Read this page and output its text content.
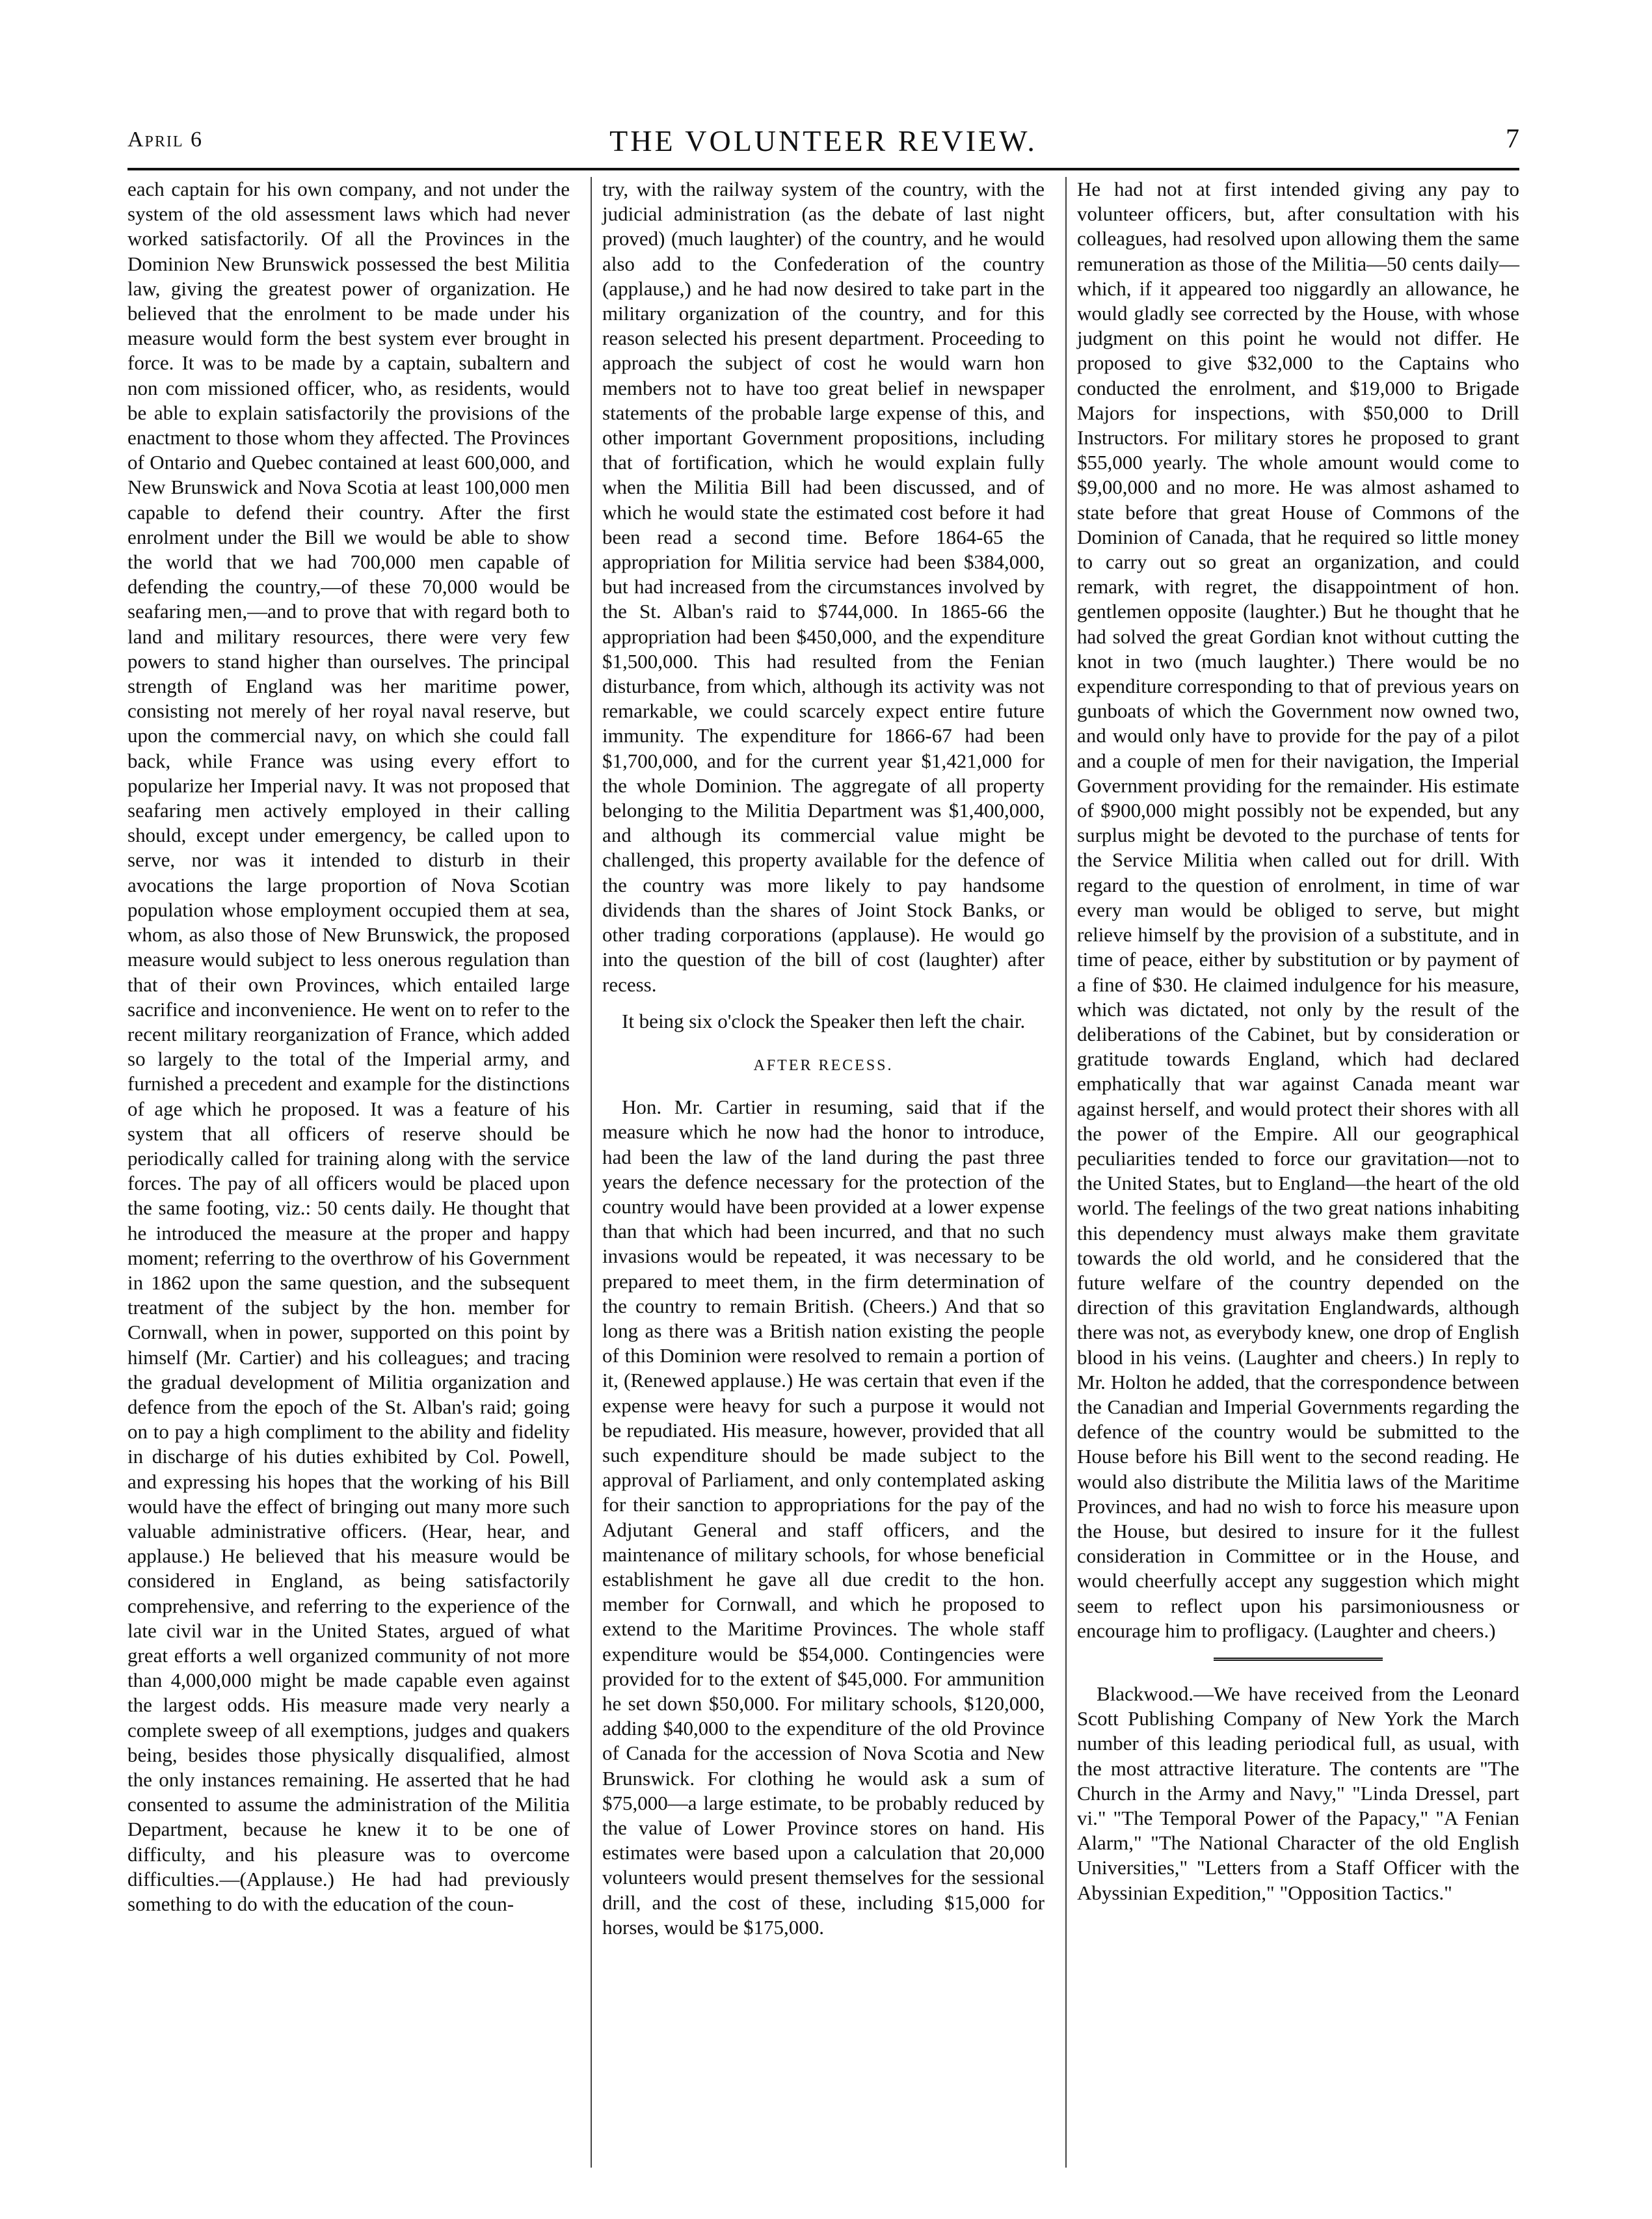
April 6	THE VOLUNTEER REVIEW.	7

each captain for his own company, and not under the system of the old assessment laws which had never worked satisfactorily. Of all the Provinces in the Dominion New Brunswick possessed the best Militia law, giving the greatest power of organization. He believed that the enrolment to be made under his measure would form the best system ever brought in force. It was to be made by a captain, subaltern and non com missioned officer, who, as residents, would be able to explain satisfactorily the provisions of the enactment to those whom they affected. The Provinces of Ontario and Quebec contained at least 600,000, and New Brunswick and Nova Scotia at least 100,000 men capable to defend their country. After the first enrolment under the Bill we would be able to show the world that we had 700,000 men capable of defending the country,—of these 70,000 would be seafaring men,—and to prove that with regard both to land and military resources, there were very few powers to stand higher than ourselves. The principal strength of England was her maritime power, consisting not merely of her royal naval reserve, but upon the commercial navy, on which she could fall back, while France was using every effort to popularize her Imperial navy. It was not proposed that seafaring men actively employed in their calling should, except under emergency, be called upon to serve, nor was it intended to disturb in their avocations the large proportion of Nova Scotian population whose employment occupied them at sea, whom, as also those of New Brunswick, the proposed measure would subject to less onerous regulation than that of their own Provinces, which entailed large sacrifice and inconvenience. He went on to refer to the recent military reorganization of France, which added so largely to the total of the Imperial army, and furnished a precedent and example for the distinctions of age which he proposed. It was a feature of his system that all officers of reserve should be periodically called for training along with the service forces. The pay of all officers would be placed upon the same footing, viz.: 50 cents daily. He thought that he introduced the measure at the proper and happy moment; referring to the overthrow of his Government in 1862 upon the same question, and the subsequent treatment of the subject by the hon. member for Cornwall, when in power, supported on this point by himself (Mr. Cartier) and his colleagues; and tracing the gradual development of Militia organization and defence from the epoch of the St. Alban's raid; going on to pay a high compliment to the ability and fidelity in discharge of his duties exhibited by Col. Powell, and expressing his hopes that the working of his Bill would have the effect of bringing out many more such valuable administrative officers. (Hear, hear, and applause.) He believed that his measure would be considered in England, as being satisfactorily comprehensive, and referring to the experience of the late civil war in the United States, argued of what great efforts a well organized community of not more than 4,000,000 might be made capable even against the largest odds. His measure made very nearly a complete sweep of all exemptions, judges and quakers being, besides those physically disqualified, almost the only instances remaining. He asserted that he had consented to assume the administration of the Militia Department, because he knew it to be one of difficulty, and his pleasure was to overcome difficulties.—(Applause.) He had had previously something to do with the education of the coun-

try, with the railway system of the country, with the judicial administration (as the debate of last night proved) (much laughter) of the country, and he would also add to the Confederation of the country (applause,) and he had now desired to take part in the military organization of the country, and for this reason selected his present department. Proceeding to approach the subject of cost he would warn hon members not to have too great belief in newspaper statements of the probable large expense of this, and other important Government propositions, including that of fortification, which he would explain fully when the Militia Bill had been discussed, and of which he would state the estimated cost before it had been read a second time. Before 1864-65 the appropriation for Militia service had been $384,000, but had increased from the circumstances involved by the St. Alban's raid to $744,000. In 1865-66 the appropriation had been $450,000, and the expenditure $1,500,000. This had resulted from the Fenian disturbance, from which, although its activity was not remarkable, we could scarcely expect entire future immunity. The expenditure for 1866-67 had been $1,700,000, and for the current year $1,421,000 for the whole Dominion. The aggregate of all property belonging to the Militia Department was $1,400,000, and although its commercial value might be challenged, this property available for the defence of the country was more likely to pay handsome dividends than the shares of Joint Stock Banks, or other trading corporations (applause). He would go into the question of the bill of cost (laughter) after recess.

It being six o'clock the Speaker then left the chair.

AFTER RECESS.

Hon. Mr. Cartier in resuming, said that if the measure which he now had the honor to introduce, had been the law of the land during the past three years the defence necessary for the protection of the country would have been provided at a lower expense than that which had been incurred, and that no such invasions would be repeated, it was necessary to be prepared to meet them, in the firm determination of the country to remain British. (Cheers.) And that so long as there was a British nation existing the people of this Dominion were resolved to remain a portion of it, (Renewed applause.) He was certain that even if the expense were heavy for such a purpose it would not be repudiated. His measure, however, provided that all such expenditure should be made subject to the approval of Parliament, and only contemplated asking for their sanction to appropriations for the pay of the Adjutant General and staff officers, and the maintenance of military schools, for whose beneficial establishment he gave all due credit to the hon. member for Cornwall, and which he proposed to extend to the Maritime Provinces. The whole staff expenditure would be $54,000. Contingencies were provided for to the extent of $45,000. For ammunition he set down $50,000. For military schools, $120,000, adding $40,000 to the expenditure of the old Province of Canada for the accession of Nova Scotia and New Brunswick. For clothing he would ask a sum of $75,000—a large estimate, to be probably reduced by the value of Lower Province stores on hand. His estimates were based upon a calculation that 20,000 volunteers would present themselves for the sessional drill, and the cost of these, including $15,000 for horses, would be $175,000.

He had not at first intended giving any pay to volunteer officers, but, after consultation with his colleagues, had resolved upon allowing them the same remuneration as those of the Militia—50 cents daily—which, if it appeared too niggardly an allowance, he would gladly see corrected by the House, with whose judgment on this point he would not differ. He proposed to give $32,000 to the Captains who conducted the enrolment, and $19,000 to Brigade Majors for inspections, with $50,000 to Drill Instructors. For military stores he proposed to grant $55,000 yearly. The whole amount would come to $9,00,000 and no more. He was almost ashamed to state before that great House of Commons of the Dominion of Canada, that he required so little money to carry out so great an organization, and could remark, with regret, the disappointment of hon. gentlemen opposite (laughter.) But he thought that he had solved the great Gordian knot without cutting the knot in two (much laughter.) There would be no expenditure corresponding to that of previous years on gunboats of which the Government now owned two, and would only have to provide for the pay of a pilot and a couple of men for their navigation, the Imperial Government providing for the remainder. His estimate of $900,000 might possibly not be expended, but any surplus might be devoted to the purchase of tents for the Service Militia when called out for drill. With regard to the question of enrolment, in time of war every man would be obliged to serve, but might relieve himself by the provision of a substitute, and in time of peace, either by substitution or by payment of a fine of $30. He claimed indulgence for his measure, which was dictated, not only by the result of the deliberations of the Cabinet, but by consideration or gratitude towards England, which had declared emphatically that war against Canada meant war against herself, and would protect their shores with all the power of the Empire. All our geographical peculiarities tended to force our gravitation—not to the United States, but to England—the heart of the old world. The feelings of the two great nations inhabiting this dependency must always make them gravitate towards the old world, and he considered that the future welfare of the country depended on the direction of this gravitation Englandwards, although there was not, as everybody knew, one drop of English blood in his veins. (Laughter and cheers.) In reply to Mr. Holton he added, that the correspondence between the Canadian and Imperial Governments regarding the defence of the country would be submitted to the House before his Bill went to the second reading. He would also distribute the Militia laws of the Maritime Provinces, and had no wish to force his measure upon the House, but desired to insure for it the fullest consideration in Committee or in the House, and would cheerfully accept any suggestion which might seem to reflect upon his parsimoniousness or encourage him to profligacy. (Laughter and cheers.)

Blackwood.—We have received from the Leonard Scott Publishing Company of New York the March number of this leading periodical full, as usual, with the most attractive literature. The contents are "The Church in the Army and Navy," "Linda Dressel, part vi." "The Temporal Power of the Papacy," "A Fenian Alarm," "The National Character of the old English Universities," "Letters from a Staff Officer with the Abyssinian Expedition," "Opposition Tactics."
